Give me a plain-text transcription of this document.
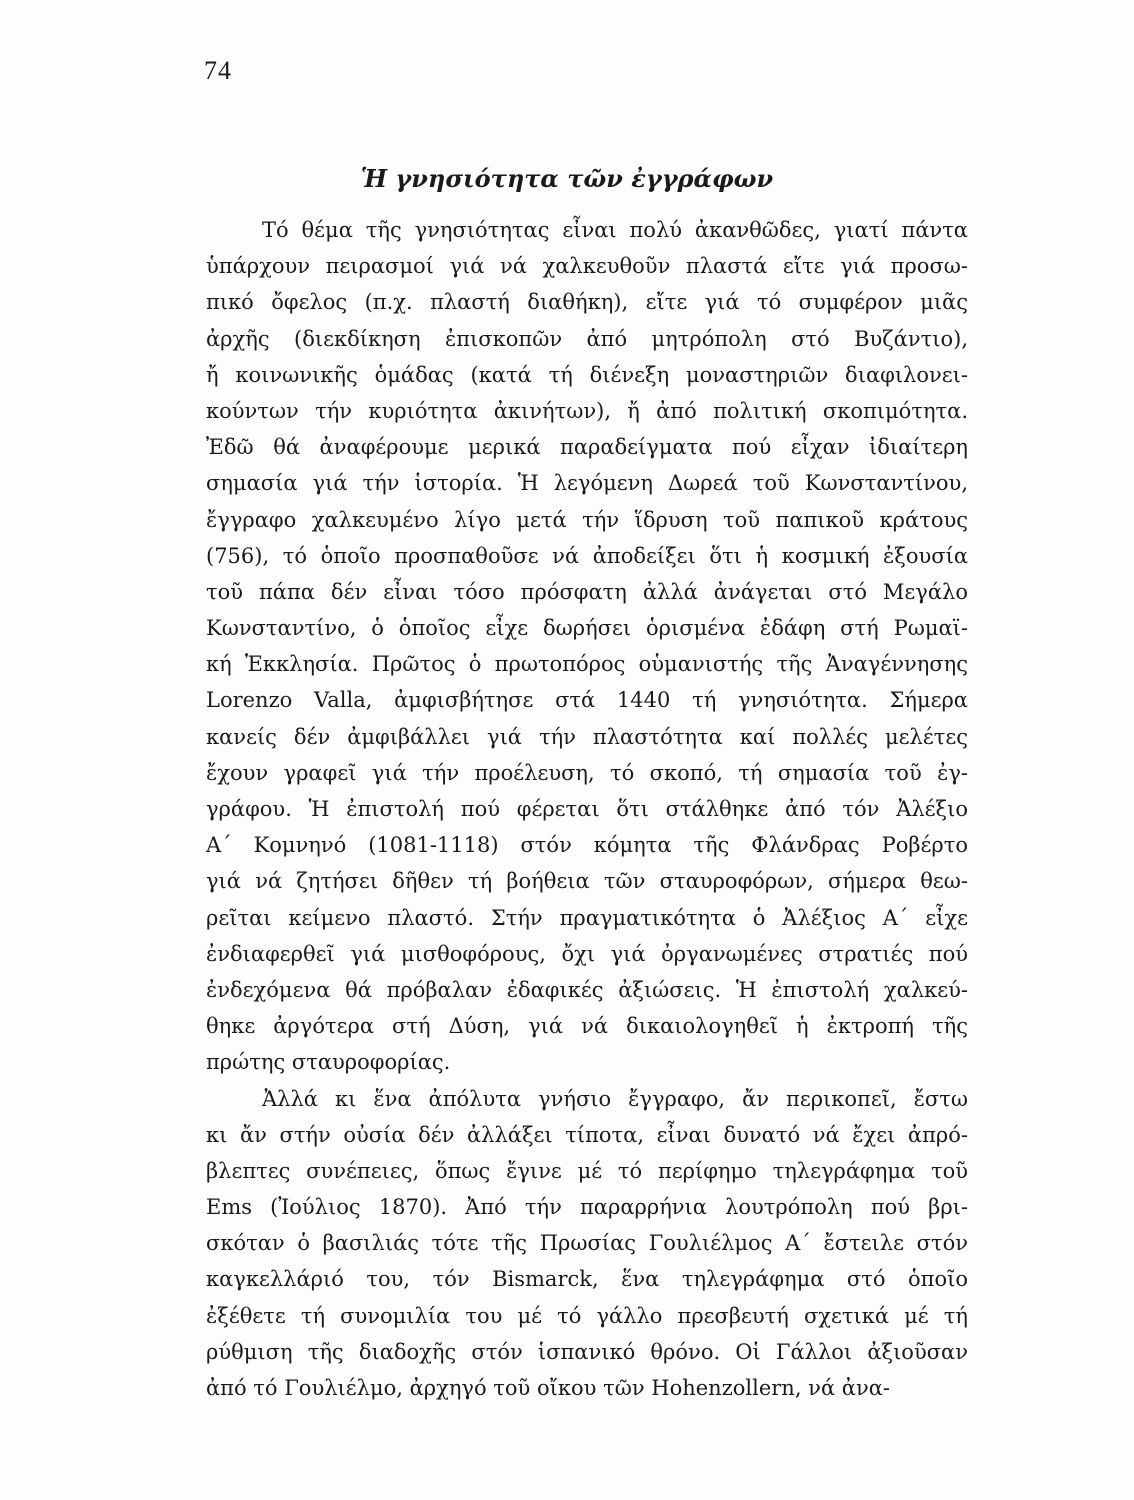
74
Ἡ γνησιότητα τῶν ἐγγράφων
Τό θέμα τῆς γνησιότητας εἶναι πολύ ἀκανθῶδες, γιατί πάντα
ὑπάρχουν πειρασμοί γιά νά χαλκευθοῦν πλαστά εἴτε γιά προσω-
πικό ὄφελος (π.χ. πλαστή διαθήκη), εἴτε γιά τό συμφέρον μιᾶς
ἀρχῆς (διεκδίκηση ἐπισκοπῶν ἀπό μητρόπολη στό Βυζάντιο),
ἤ κοινωνικῆς ὁμάδας (κατά τή διένεξη μοναστηριῶν διαφιλονει-
κούντων τήν κυριότητα ἀκινήτων), ἤ ἀπό πολιτική σκοπιμότητα.
Ἐδῶ θά ἀναφέρουμε μερικά παραδείγματα πού εἶχαν ἰδιαίτερη
σημασία γιά τήν ἱστορία. Ἡ λεγόμενη Δωρεά τοῦ Κωνσταντίνου,
ἔγγραφο χαλκευμένο λίγο μετά τήν ἵδρυση τοῦ παπικοῦ κράτους
(756), τό ὁποῖο προσπαθοῦσε νά ἀποδείξει ὅτι ἡ κοσμική ἐξουσία
τοῦ πάπα δέν εἶναι τόσο πρόσφατη ἀλλά ἀνάγεται στό Μεγάλο
Κωνσταντίνο, ὁ ὁποῖος εἶχε δωρήσει ὁρισμένα ἐδάφη στή Ρωμαϊ-
κή Ἐκκλησία. Πρῶτος ὁ πρωτοπόρος οὑμανιστής τῆς Ἀναγέννησης
Lorenzo Valla, ἀμφισβήτησε στά 1440 τή γνησιότητα. Σήμερα
κανείς δέν ἀμφιβάλλει γιά τήν πλαστότητα καί πολλές μελέτες
ἔχουν γραφεῖ γιά τήν προέλευση, τό σκοπό, τή σημασία τοῦ ἐγ-
γράφου. Ἡ ἐπιστολή πού φέρεται ὅτι στάλθηκε ἀπό τόν Ἀλέξιο
Α΄ Κομνηνό (1081-1118) στόν κόμητα τῆς Φλάνδρας Ροβέρτο
γιά νά ζητήσει δῆθεν τή βοήθεια τῶν σταυροφόρων, σήμερα θεω-
ρεῖται κείμενο πλαστό. Στήν πραγματικότητα ὁ Ἀλέξιος Α΄ εἶχε
ἐνδιαφερθεῖ γιά μισθοφόρους, ὄχι γιά ὀργανωμένες στρατιές πού
ἐνδεχόμενα θά πρόβαλαν ἐδαφικές ἀξιώσεις. Ἡ ἐπιστολή χαλκεύ-
θηκε ἀργότερα στή Δύση, γιά νά δικαιολογηθεῖ ἡ ἐκτροπή τῆς
πρώτης σταυροφορίας.
Ἀλλά κι ἕνα ἀπόλυτα γνήσιο ἔγγραφο, ἄν περικοπεῖ, ἔστω
κι ἄν στήν οὐσία δέν ἀλλάξει τίποτα, εἶναι δυνατό νά ἔχει ἀπρό-
βλεπτες συνέπειες, ὅπως ἔγινε μέ τό περίφημο τηλεγράφημα τοῦ
Ems (Ἰούλιος 1870). Ἀπό τήν παραρρήνια λουτρόπολη πού βρι-
σκόταν ὁ βασιλιάς τότε τῆς Πρωσίας Γουλιέλμος Α΄ ἔστειλε στόν
καγκελλάριό του, τόν Bismarck, ἕνα τηλεγράφημα στό ὁποῖο
ἐξέθετε τή συνομιλία του μέ τό γάλλο πρεσβευτή σχετικά μέ τή
ρύθμιση τῆς διαδοχῆς στόν ἱσπανικό θρόνο. Οἱ Γάλλοι ἀξιοῦσαν
ἀπό τό Γουλιέλμο, ἀρχηγό τοῦ οἴκου τῶν Hohenzollern, νά ἀνα-
